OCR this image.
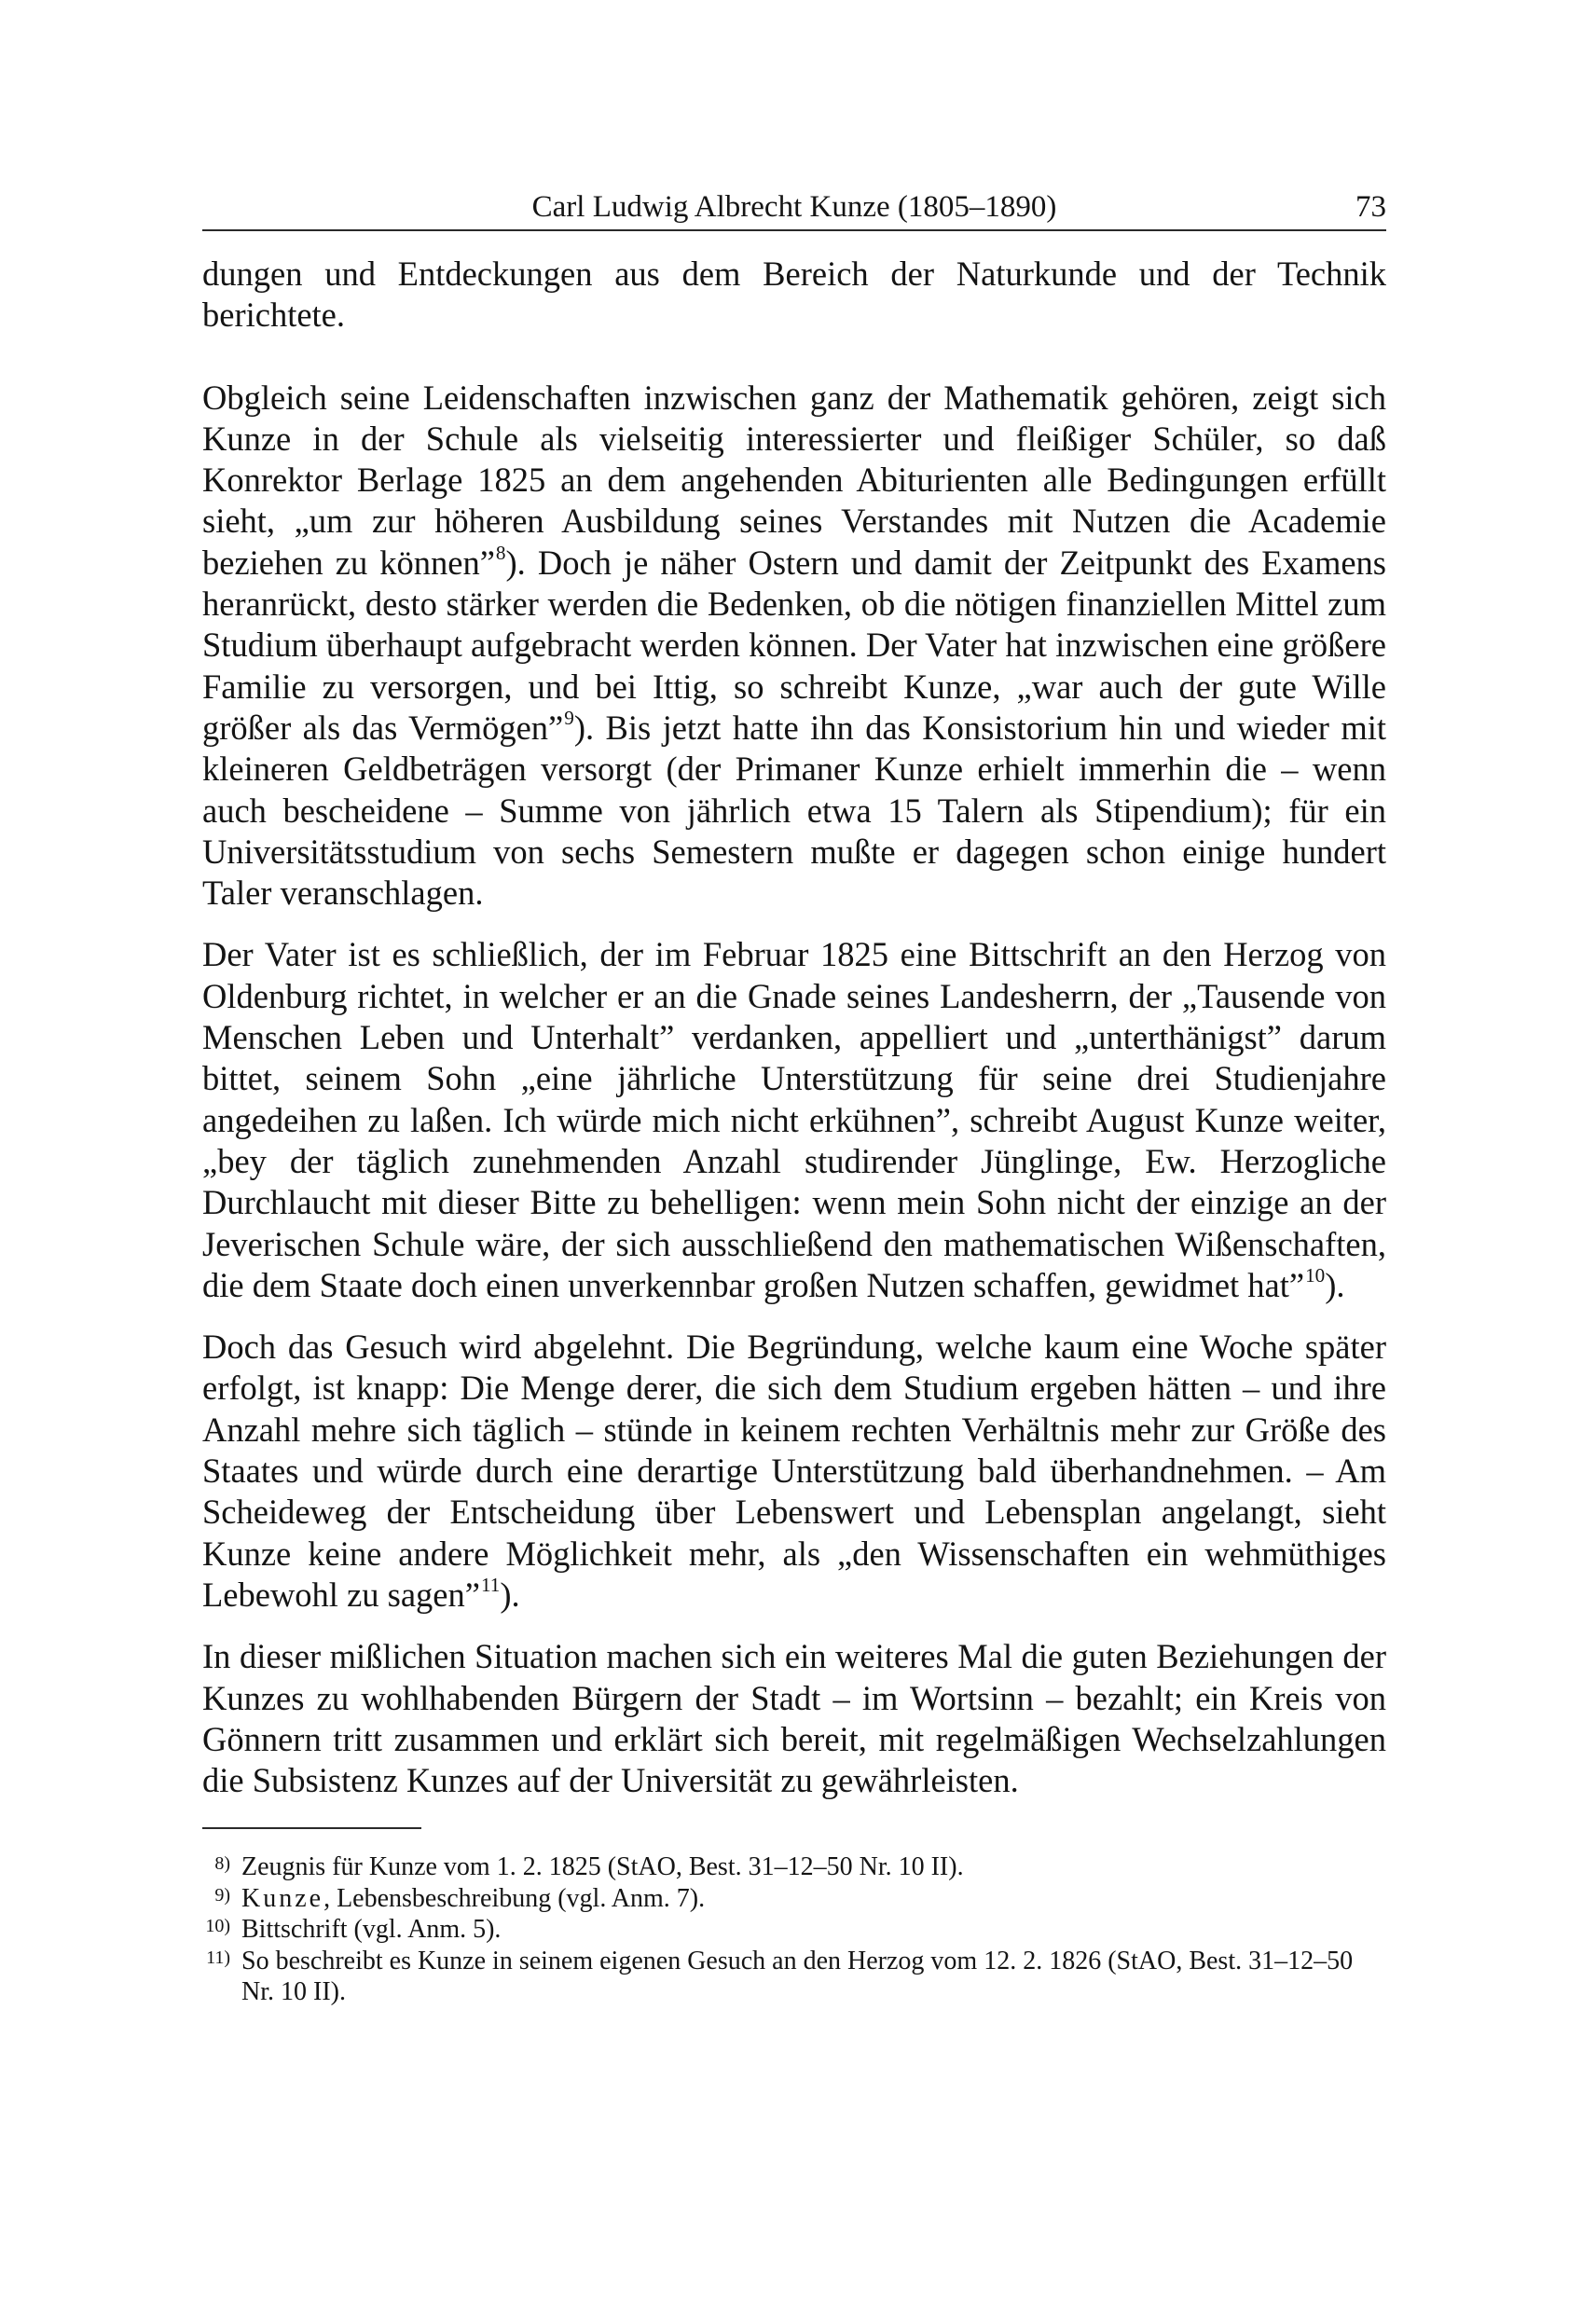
Carl Ludwig Albrecht Kunze (1805–1890)	73

dungen und Entdeckungen aus dem Bereich der Naturkunde und der Technik berichtete.

Obgleich seine Leidenschaften inzwischen ganz der Mathematik gehören, zeigt sich Kunze in der Schule als vielseitig interessierter und fleißiger Schüler, so daß Konrektor Berlage 1825 an dem angehenden Abiturienten alle Bedingungen erfüllt sieht, „um zur höheren Ausbildung seines Verstandes mit Nutzen die Academie beziehen zu können”$^8$). Doch je näher Ostern und damit der Zeitpunkt des Examens heranrückt, desto stärker werden die Bedenken, ob die nötigen finanziellen Mittel zum Studium überhaupt aufgebracht werden können. Der Vater hat inzwischen eine größere Familie zu versorgen, und bei Ittig, so schreibt Kunze, „war auch der gute Wille größer als das Vermögen”$^9$). Bis jetzt hatte ihn das Konsistorium hin und wieder mit kleineren Geldbeträgen versorgt (der Primaner Kunze erhielt immerhin die – wenn auch bescheidene – Summe von jährlich etwa 15 Talern als Stipendium); für ein Universitätsstudium von sechs Semestern mußte er dagegen schon einige hundert Taler veranschlagen.

Der Vater ist es schließlich, der im Februar 1825 eine Bittschrift an den Herzog von Oldenburg richtet, in welcher er an die Gnade seines Landesherrn, der „Tausende von Menschen Leben und Unterhalt” verdanken, appelliert und „unterthänigst” darum bittet, seinem Sohn „eine jährliche Unterstützung für seine drei Studienjahre angedeihen zu laßen. Ich würde mich nicht erkühnen”, schreibt August Kunze weiter, „bey der täglich zunehmenden Anzahl studirender Jünglinge, Ew. Herzogliche Durchlaucht mit dieser Bitte zu behelligen: wenn mein Sohn nicht der einzige an der Jeverischen Schule wäre, der sich ausschließend den mathematischen Wißenschaften, die dem Staate doch einen unverkennbar großen Nutzen schaffen, gewidmet hat”$^{10}$).

Doch das Gesuch wird abgelehnt. Die Begründung, welche kaum eine Woche später erfolgt, ist knapp: Die Menge derer, die sich dem Studium ergeben hätten – und ihre Anzahl mehre sich täglich – stünde in keinem rechten Verhältnis mehr zur Größe des Staates und würde durch eine derartige Unterstützung bald überhandnehmen. – Am Scheideweg der Entscheidung über Lebenswert und Lebensplan angelangt, sieht Kunze keine andere Möglichkeit mehr, als „den Wissenschaften ein wehmüthiges Lebewohl zu sagen”$^{11}$).

In dieser mißlichen Situation machen sich ein weiteres Mal die guten Beziehungen der Kunzes zu wohlhabenden Bürgern der Stadt – im Wortsinn – bezahlt; ein Kreis von Gönnern tritt zusammen und erklärt sich bereit, mit regelmäßigen Wechselzahlungen die Subsistenz Kunzes auf der Universität zu gewährleisten.

8) Zeugnis für Kunze vom 1. 2. 1825 (StAO, Best. 31–12–50 Nr. 10 II).
9) Kunze, Lebensbeschreibung (vgl. Anm. 7).
10) Bittschrift (vgl. Anm. 5).
11) So beschreibt es Kunze in seinem eigenen Gesuch an den Herzog vom 12. 2. 1826 (StAO, Best. 31–12–50 Nr. 10 II).
